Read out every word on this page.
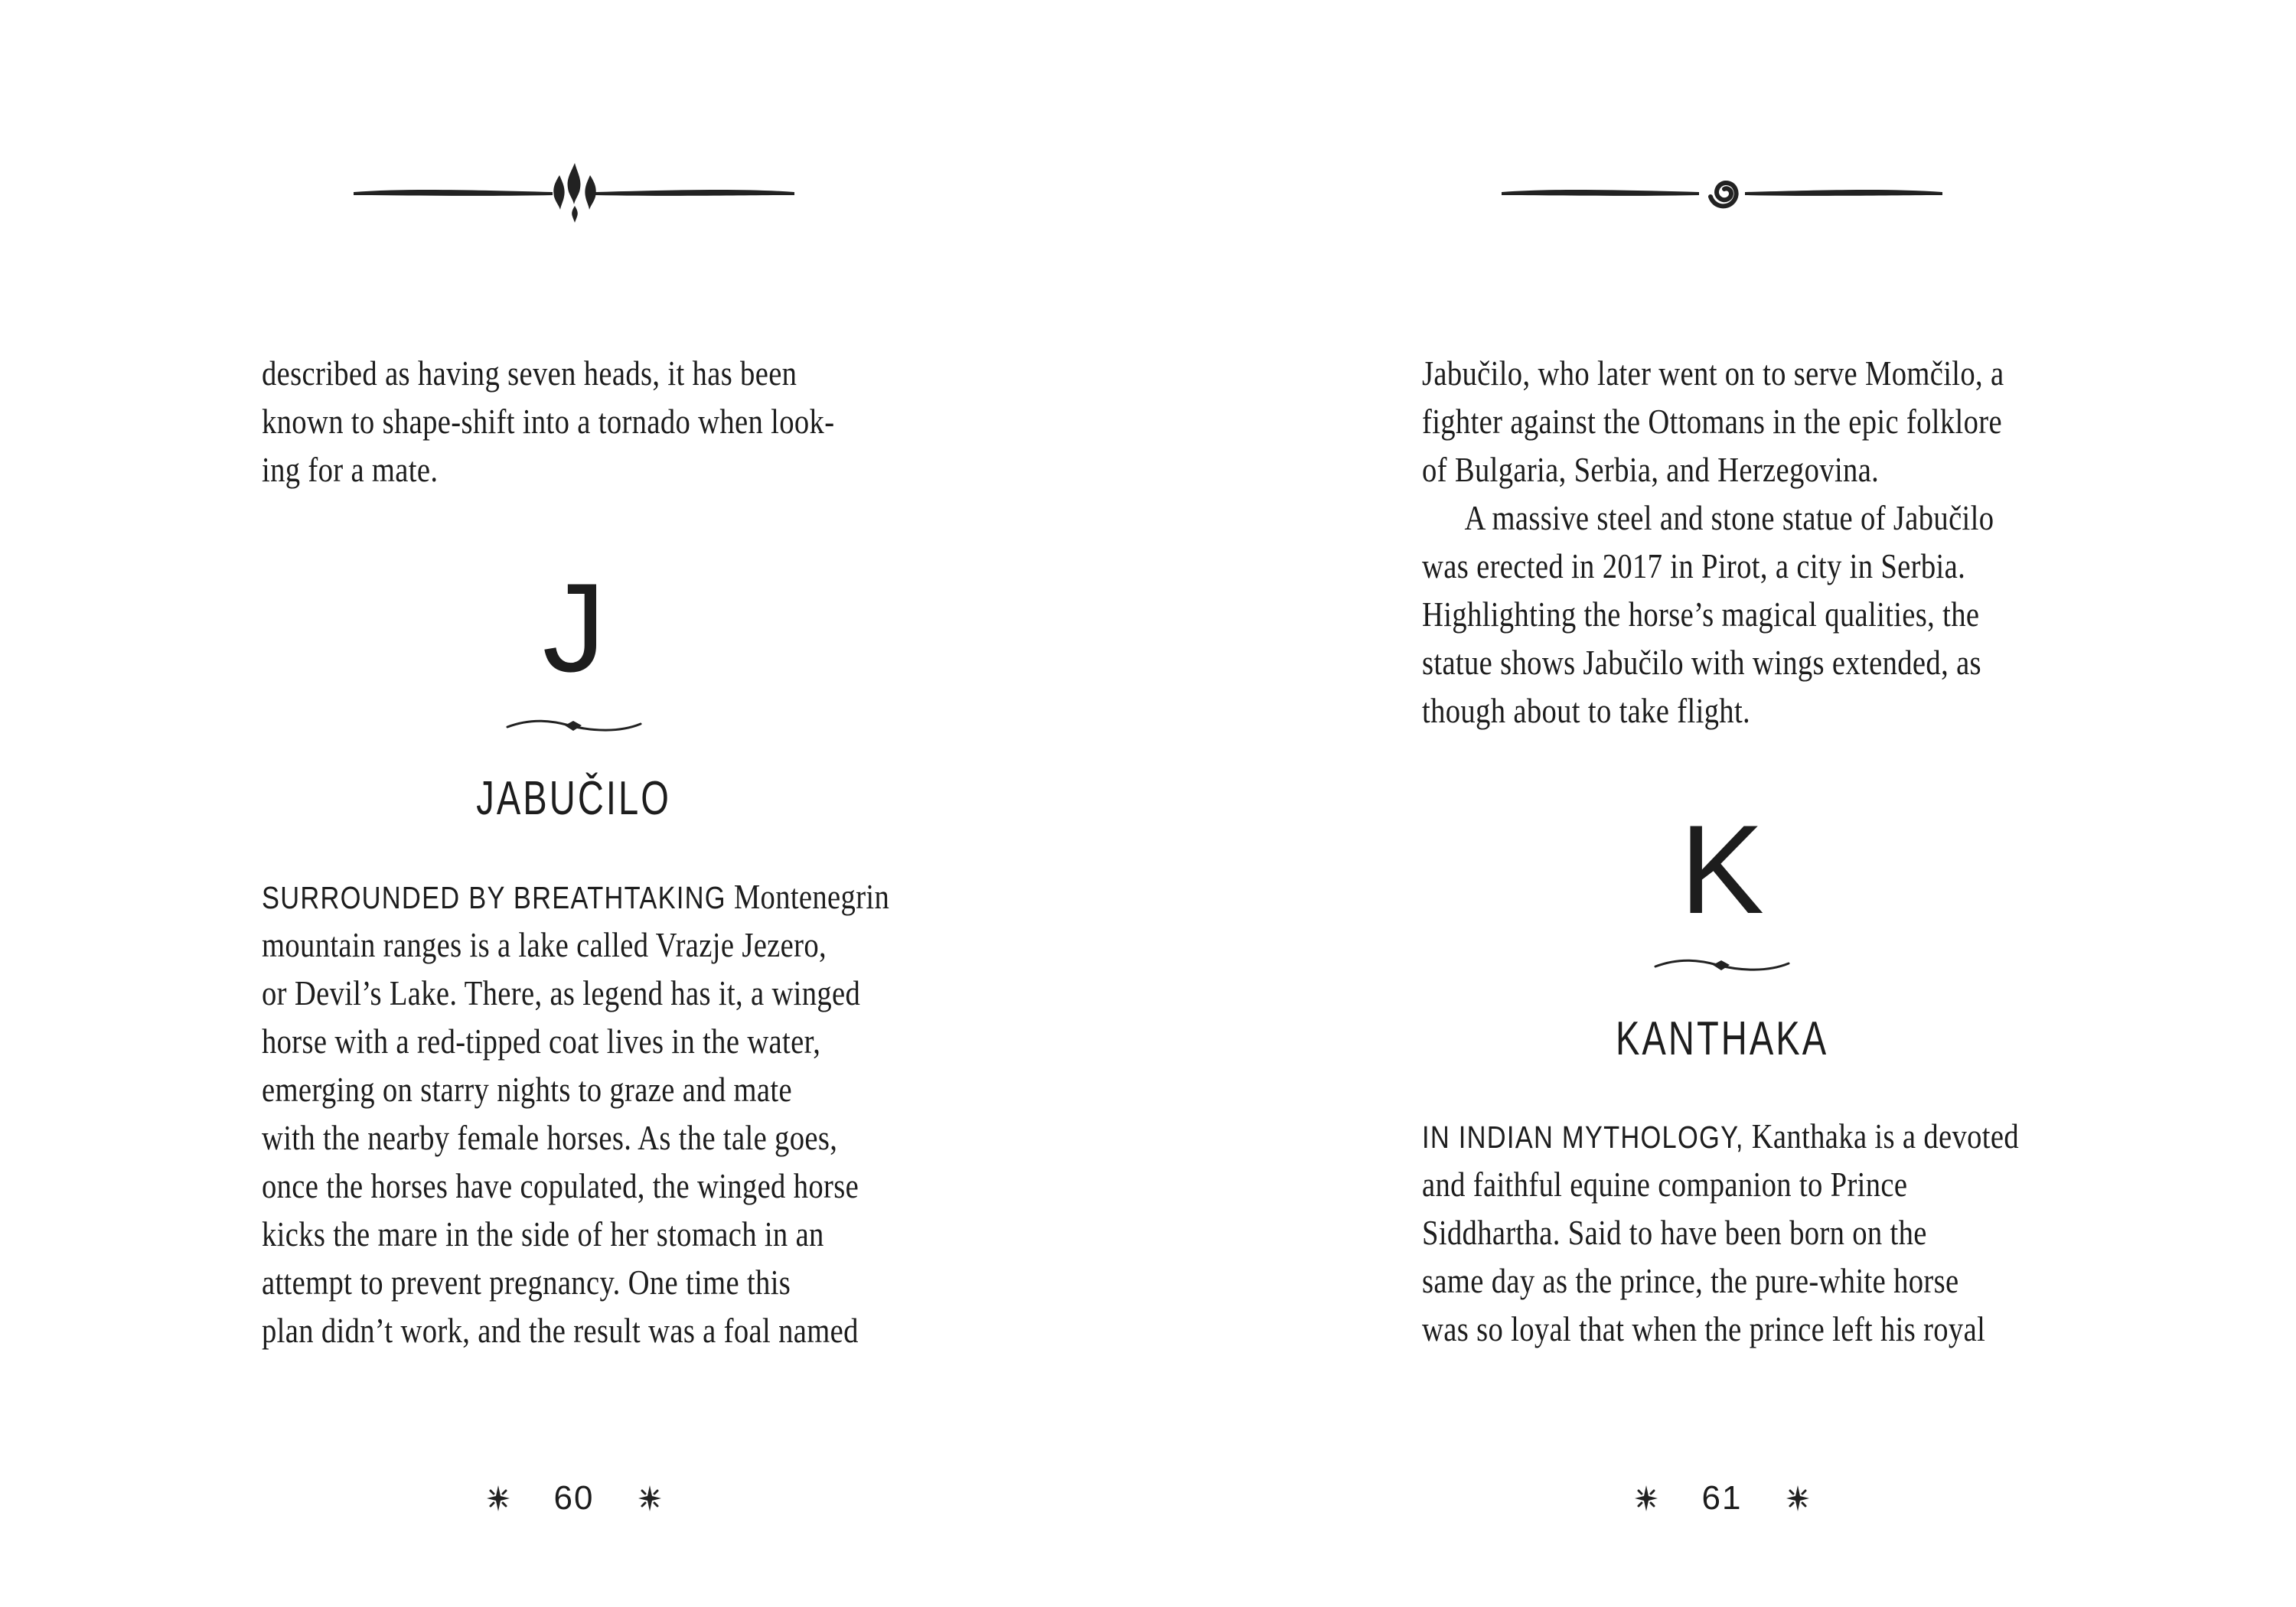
described as having seven heads, it has been
known to shape-shift into a tornado when look-
ing for a mate.
J
JABUČILO
SURROUNDED BY BREATHTAKING Montenegrin
mountain ranges is a lake called Vrazje Jezero,
or Devil’s Lake. There, as legend has it, a winged
horse with a red-tipped coat lives in the water,
emerging on starry nights to graze and mate
with the nearby female horses. As the tale goes,
once the horses have copulated, the winged horse
kicks the mare in the side of her stomach in an
attempt to prevent pregnancy. One time this
plan didn’t work, and the result was a foal named
60
Jabučilo, who later went on to serve Momčilo, a
fighter against the Ottomans in the epic folklore
of Bulgaria, Serbia, and Herzegovina.
A massive steel and stone statue of Jabučilo
was erected in 2017 in Pirot, a city in Serbia.
Highlighting the horse’s magical qualities, the
statue shows Jabučilo with wings extended, as
though about to take flight.
K
KANTHAKA
IN INDIAN MYTHOLOGY, Kanthaka is a devoted
and faithful equine companion to Prince
Siddhartha. Said to have been born on the
same day as the prince, the pure-white horse
was so loyal that when the prince left his royal
61
